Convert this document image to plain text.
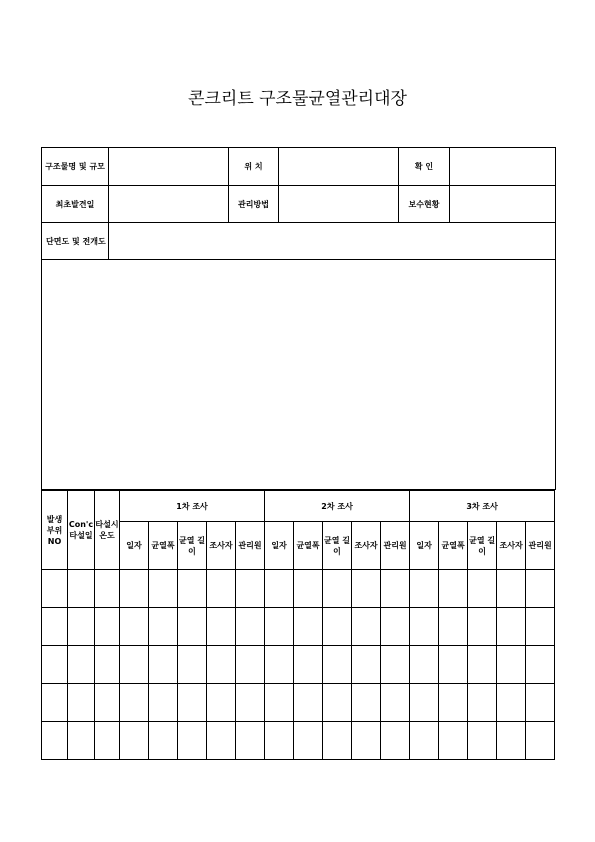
콘크리트 구조물균열관리대장
구조물명 및 규모		위 치		확 인	
최초발견일		관리방법		보수현황	
단면도 및 전개도					

발생 부위NO	Con'c 타설일	타설시 온도	1차 조사					2차 조사					3차 조사				
			일자	균열폭	균열 길이	조사자	관리원	일자	균열폭	균열 길이	조사자	관리원	일자	균열폭	균열 길이	조사자	관리원
